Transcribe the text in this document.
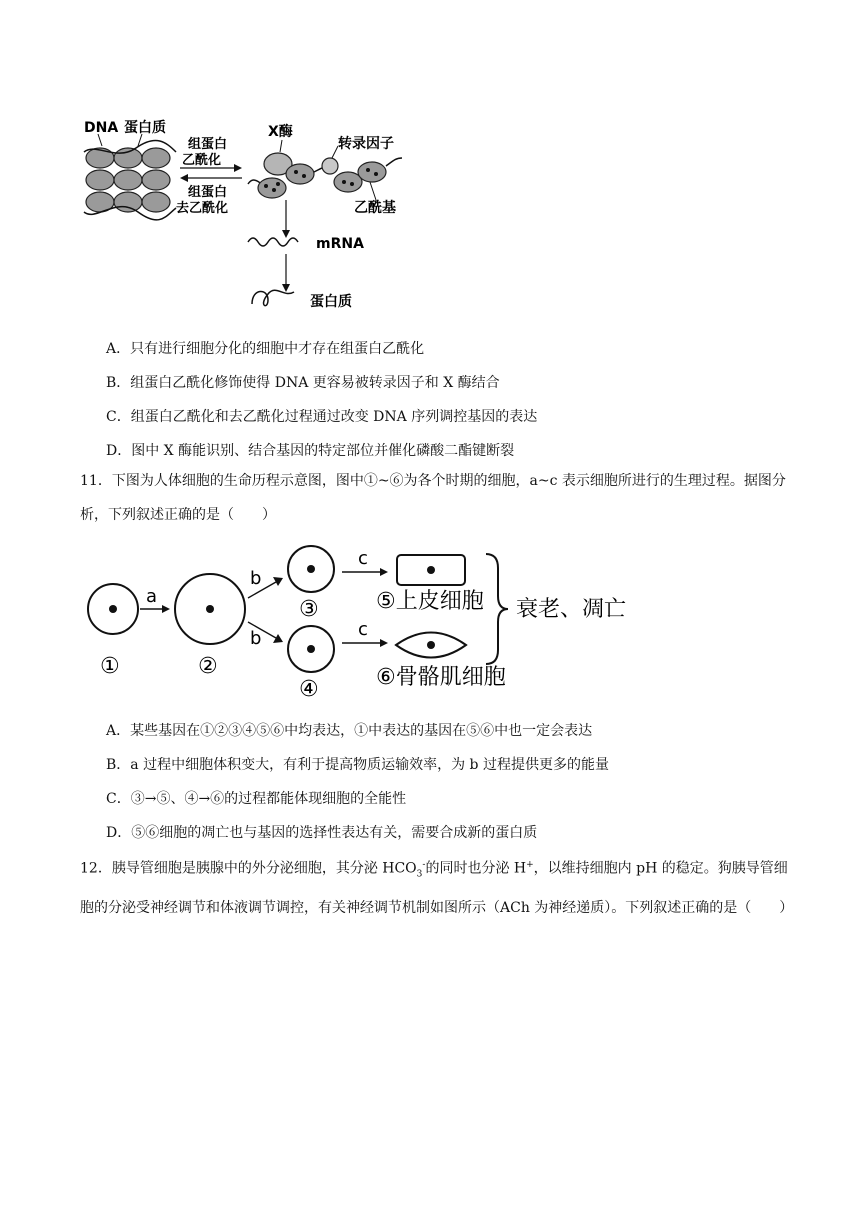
DNA 蛋白质
组蛋白
乙酰化
组蛋白
去乙酰化
X酶
转录因子
乙酰基
mRNA
蛋白质
A．只有进行细胞分化的细胞中才存在组蛋白乙酰化
B．组蛋白乙酰化修饰使得 DNA 更容易被转录因子和 X 酶结合
C．组蛋白乙酰化和去乙酰化过程通过改变 DNA 序列调控基因的表达
D．图中 X 酶能识别、结合基因的特定部位并催化磷酸二酯键断裂
11．下图为人体细胞的生命历程示意图，图中①~⑥为各个时期的细胞，a~c 表示细胞所进行的生理过程。据图分析，下列叙述正确的是（　　）
①
a
②
b
b
③
④
c
c
⑤上皮细胞
⑥骨骼肌细胞
衰老、凋亡
A．某些基因在①②③④⑤⑥中均表达，①中表达的基因在⑤⑥中也一定会表达
B．a 过程中细胞体积变大，有利于提高物质运输效率，为 b 过程提供更多的能量
C．③→⑤、④→⑥的过程都能体现细胞的全能性
D．⑤⑥细胞的凋亡也与基因的选择性表达有关，需要合成新的蛋白质
12．胰导管细胞是胰腺中的外分泌细胞，其分泌 $HCO_3^-$的同时也分泌 H+，以维持细胞内 pH 的稳定。狗胰导管细胞的分泌受神经调节和体液调节调控，有关神经调节机制如图所示（ACh 为神经递质）。下列叙述正确的是（　　）
